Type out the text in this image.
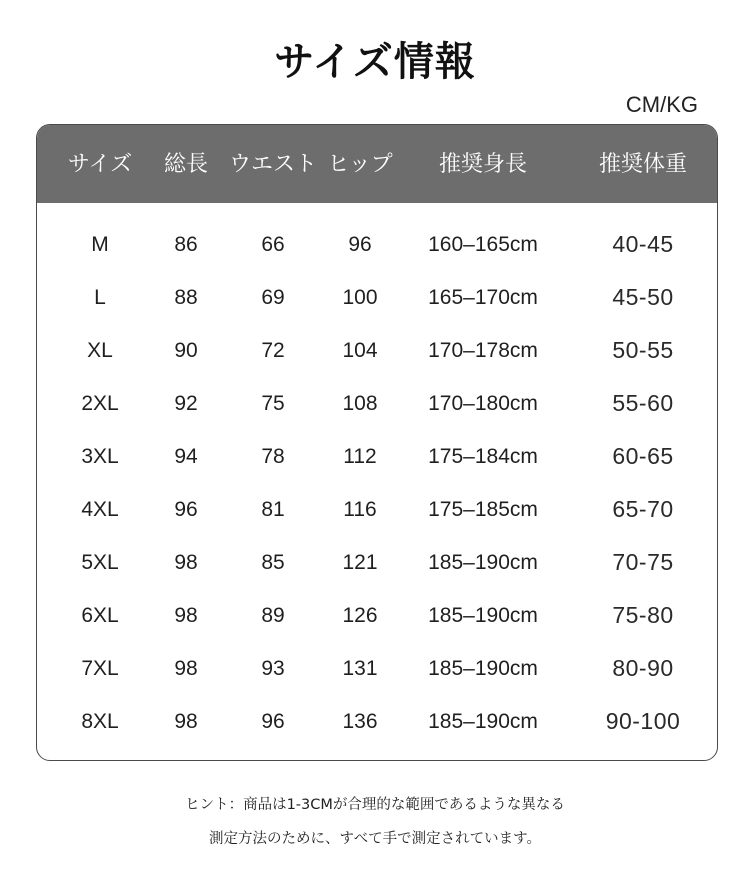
サイズ情報
CM/KG
サイズ	総長 ウエスト ヒップ	推奨身長	推奨体重
M	86	66	96	160–165cm	40-45
L	88	69	100	165–170cm	45-50
XL	90	72	104	170–178cm	50-55
2XL	92	75	108	170–180cm	55-60
3XL	94	78	112	175–184cm	60-65
4XL	96	81	116	175–185cm	65-70
5XL	98	85	121	185–190cm	70-75
6XL	98	89	126	185–190cm	75-80
7XL	98	93	131	185–190cm	80-90
8XL	98	96	136	185–190cm	90-100
ヒント：商品は1-3CMが合理的な範囲であるような異なる
測定方法のために、すべて手で測定されています。
